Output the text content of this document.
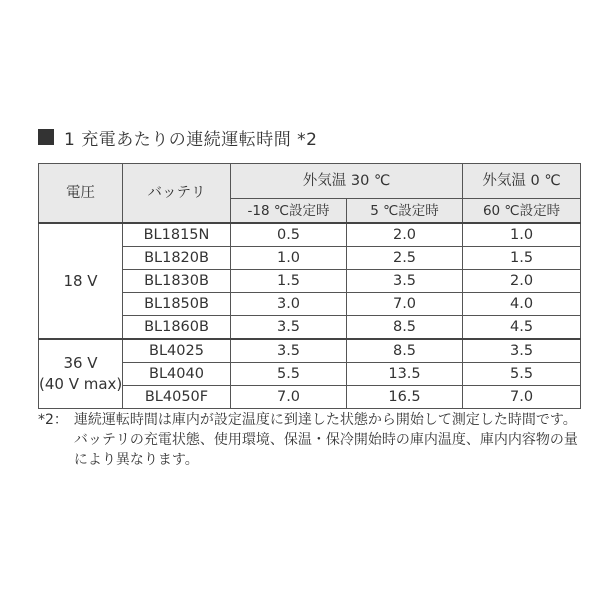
1 充電あたりの連続運転時間 *2
電圧	バッテリ	外気温 30 ℃		外気温 0 ℃
		-18 ℃設定時	5 ℃設定時	60 ℃設定時

18 V	BL1815N	0.5	2.0	1.0
	BL1820B	1.0	2.5	1.5
	BL1830B	1.5	3.5	2.0
	BL1850B	3.0	7.0	4.0
	BL1860B	3.5	8.5	4.5

36 V
(40 V max)	BL4025	3.5	8.5	3.5
	BL4040	5.5	13.5	5.5
	BL4050F	7.0	16.5	7.0
*2： 連続運転時間は庫内が設定温度に到達した状態から開始して測定した時間です。バッテリの充電状態、使用環境、保温・保冷開始時の庫内温度、庫内内容物の量により異なります。
